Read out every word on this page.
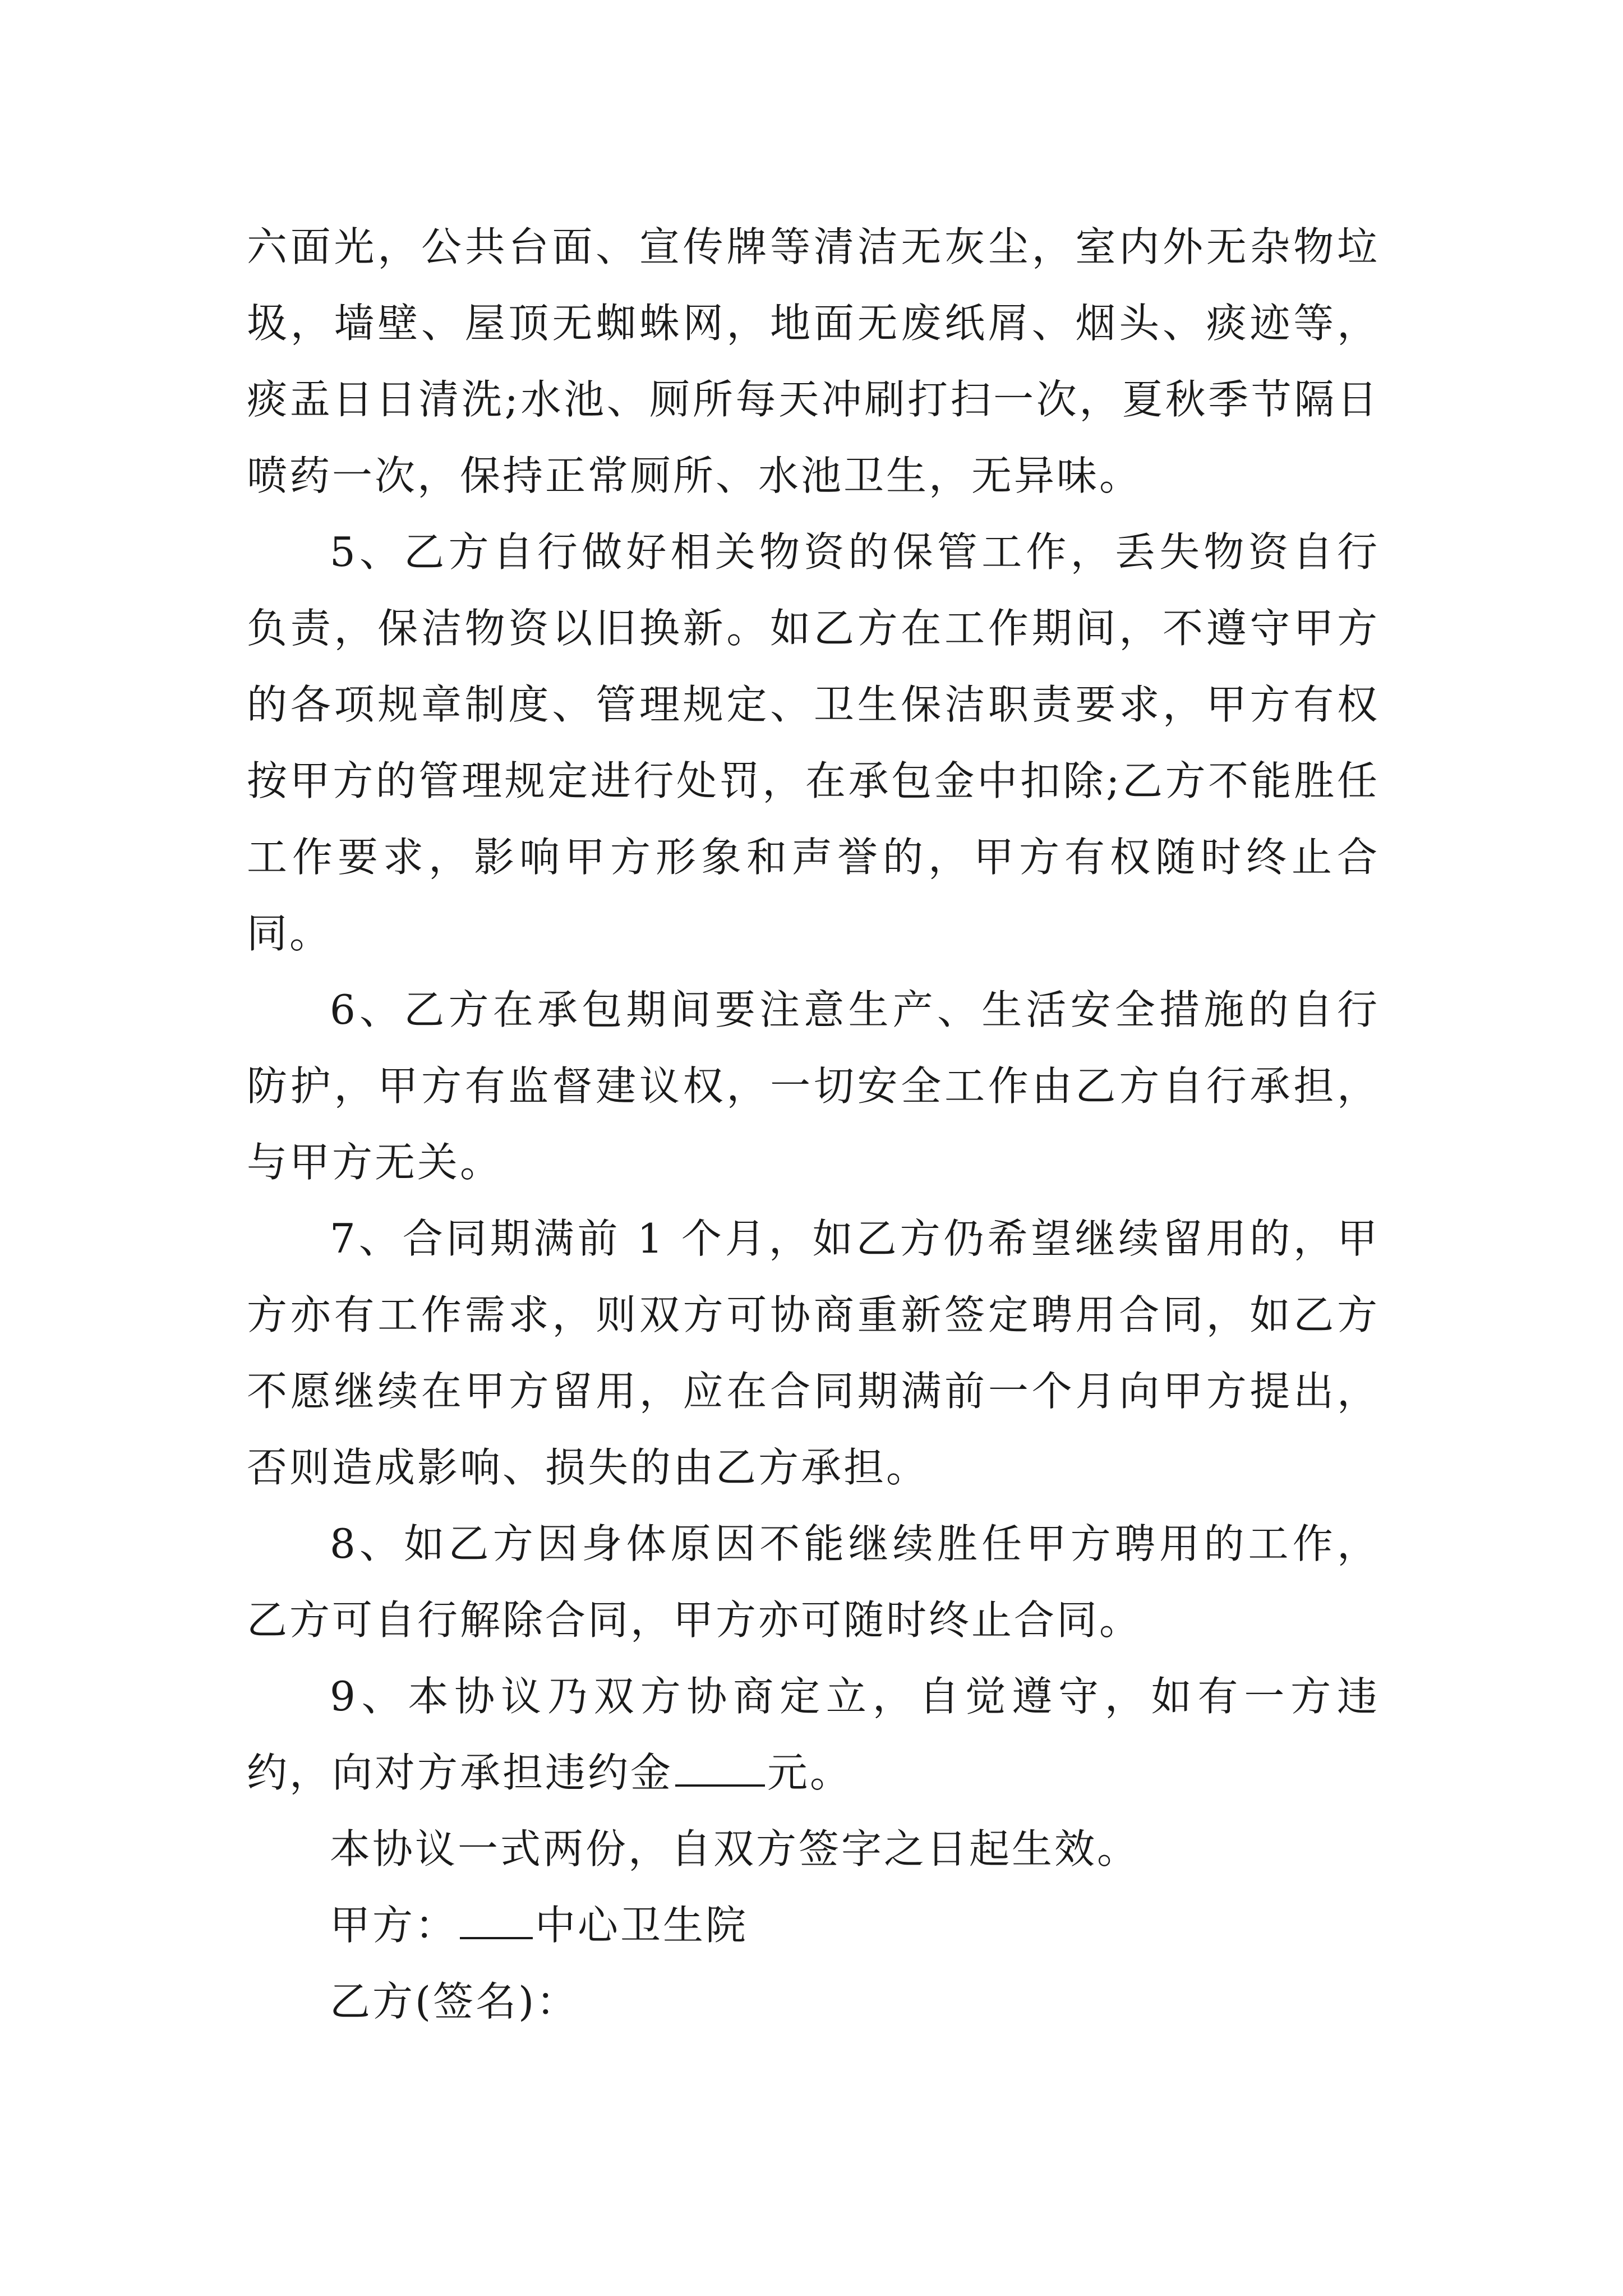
六面光，公共台面、宣传牌等清洁无灰尘，室内外无杂物垃圾，墙壁、屋顶无蜘蛛网，地面无废纸屑、烟头、痰迹等，痰盂日日清洗;水池、厕所每天冲刷打扫一次，夏秋季节隔日喷药一次，保持正常厕所、水池卫生，无异味。

5、乙方自行做好相关物资的保管工作，丢失物资自行负责，保洁物资以旧换新。如乙方在工作期间，不遵守甲方的各项规章制度、管理规定、卫生保洁职责要求，甲方有权按甲方的管理规定进行处罚，在承包金中扣除;乙方不能胜任工作要求，影响甲方形象和声誉的，甲方有权随时终止合同。

6、乙方在承包期间要注意生产、生活安全措施的自行防护，甲方有监督建议权，一切安全工作由乙方自行承担，与甲方无关。

7、合同期满前 1 个月，如乙方仍希望继续留用的，甲方亦有工作需求，则双方可协商重新签定聘用合同，如乙方不愿继续在甲方留用，应在合同期满前一个月向甲方提出，否则造成影响、损失的由乙方承担。

8、如乙方因身体原因不能继续胜任甲方聘用的工作，乙方可自行解除合同，甲方亦可随时终止合同。

9、本协议乃双方协商定立，自觉遵守，如有一方违约，向对方承担违约金 元。

本协议一式两份，自双方签字之日起生效。

甲方： 中心卫生院

乙方(签名)：
